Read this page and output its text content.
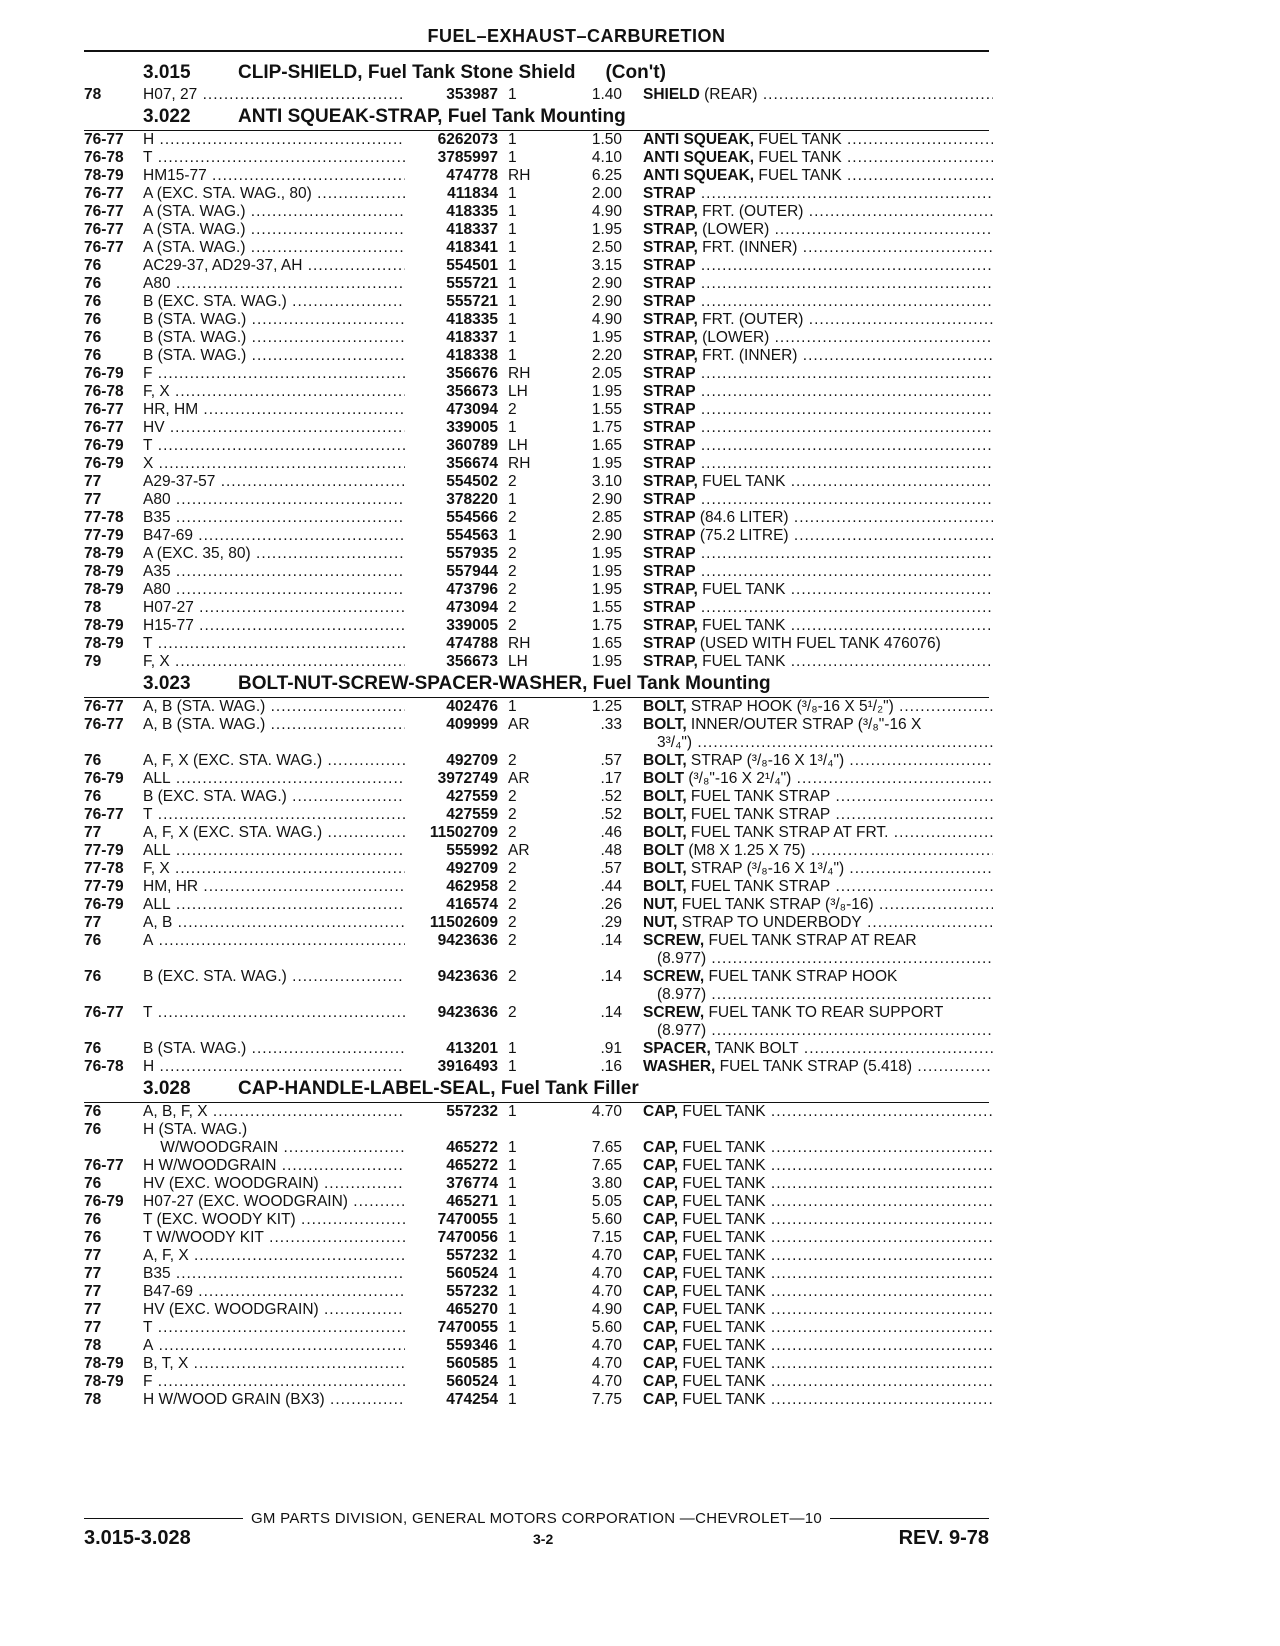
FUEL–EXHAUST–CARBURETION
3.015	CLIP-SHIELD, Fuel Tank Stone Shield (Con't)
78	H07, 27 .....	353987 1	1.40 SHIELD (REAR) .....
3.022	ANTI SQUEAK-STRAP, Fuel Tank Mounting
76-77	H .....	6262073 1	1.50 ANTI SQUEAK, FUEL TANK .....
76-78	T .....	3785997 1	4.10 ANTI SQUEAK, FUEL TANK .....
78-79	HM15-77 .....	474778 RH	6.25 ANTI SQUEAK, FUEL TANK .....
76-77	A (EXC. STA. WAG., 80) .....	411834 1	2.00 STRAP .....
76-77	A (STA. WAG.) .....	418335 1	4.90 STRAP, FRT. (OUTER) .....
76-77	A (STA. WAG.) .....	418337 1	1.95 STRAP, (LOWER) .....
76-77	A (STA. WAG.) .....	418341 1	2.50 STRAP, FRT. (INNER) .....
76	AC29-37, AD29-37, AH .....	554501 1	3.15 STRAP .....
76	A80 .....	555721 1	2.90 STRAP .....
76	B (EXC. STA. WAG.) .....	555721 1	2.90 STRAP .....
76	B (STA. WAG.) .....	418335 1	4.90 STRAP, FRT. (OUTER) .....
76	B (STA. WAG.) .....	418337 1	1.95 STRAP, (LOWER) .....
76	B (STA. WAG.) .....	418338 1	2.20 STRAP, FRT. (INNER) .....
76-79	F .....	356676 RH	2.05 STRAP .....
76-78	F, X .....	356673 LH	1.95 STRAP .....
76-77	HR, HM .....	473094 2	1.55 STRAP .....
76-77	HV .....	339005 1	1.75 STRAP .....
76-79	T .....	360789 LH	1.65 STRAP .....
76-79	X .....	356674 RH	1.95 STRAP .....
77	A29-37-57 .....	554502 2	3.10 STRAP, FUEL TANK .....
77	A80 .....	378220 1	2.90 STRAP .....
77-78	B35 .....	554566 2	2.85 STRAP (84.6 LITER) .....
77-79	B47-69 .....	554563 1	2.90 STRAP (75.2 LITRE) .....
78-79	A (EXC. 35, 80) .....	557935 2	1.95 STRAP .....
78-79	A35 .....	557944 2	1.95 STRAP .....
78-79	A80 .....	473796 2	1.95 STRAP, FUEL TANK .....
78	H07-27 .....	473094 2	1.55 STRAP .....
78-79	H15-77 .....	339005 2	1.75 STRAP, FUEL TANK .....
78-79	T .....	474788 RH	1.65 STRAP (USED WITH FUEL TANK 476076)
79	F, X .....	356673 LH	1.95 STRAP, FUEL TANK .....
3.023	BOLT-NUT-SCREW-SPACER-WASHER, Fuel Tank Mounting
76-77	A, B (STA. WAG.) .....	402476 1	1.25 BOLT, STRAP HOOK (³/₈-16 X 5¹/₂") .....
76-77	A, B (STA. WAG.) .....	409999 AR	.33 BOLT, INNER/OUTER STRAP (³/₈"-16 X
3³/₄") .....
76	A, F, X (EXC. STA. WAG.) .....	492709 2	.57 BOLT, STRAP (³/₈-16 X 1³/₄") .....
76-79	ALL .....	3972749 AR	.17 BOLT (³/₈"-16 X 2¹/₄") .....
76	B (EXC. STA. WAG.) .....	427559 2	.52 BOLT, FUEL TANK STRAP .....
76-77	T .....	427559 2	.52 BOLT, FUEL TANK STRAP .....
77	A, F, X (EXC. STA. WAG.) .....	11502709 2	.46 BOLT, FUEL TANK STRAP AT FRT. .....
77-79	ALL .....	555992 AR	.48 BOLT (M8 X 1.25 X 75) .....
77-78	F, X .....	492709 2	.57 BOLT, STRAP (³/₈-16 X 1³/₄") .....
77-79	HM, HR .....	462958 2	.44 BOLT, FUEL TANK STRAP .....
76-79	ALL .....	416574 2	.26 NUT, FUEL TANK STRAP (³/₈-16) .....
77	A, B .....	11502609 2	.29 NUT, STRAP TO UNDERBODY .....
76	A .....	9423636 2	.14 SCREW, FUEL TANK STRAP AT REAR
(8.977) .....
76	B (EXC. STA. WAG.) .....	9423636 2	.14 SCREW, FUEL TANK STRAP HOOK
(8.977) .....
76-77	T .....	9423636 2	.14 SCREW, FUEL TANK TO REAR SUPPORT
(8.977) .....
76	B (STA. WAG.) .....	413201 1	.91 SPACER, TANK BOLT .....
76-78	H .....	3916493 1	.16 WASHER, FUEL TANK STRAP (5.418) .....
3.028	CAP-HANDLE-LABEL-SEAL, Fuel Tank Filler
76	A, B, F, X .....	557232 1	4.70 CAP, FUEL TANK .....
76	H (STA. WAG.)
W/WOODGRAIN .....	465272 1	7.65 CAP, FUEL TANK .....
76-77	H W/WOODGRAIN .....	465272 1	7.65 CAP, FUEL TANK .....
76	HV (EXC. WOODGRAIN) .....	376774 1	3.80 CAP, FUEL TANK .....
76-79	H07-27 (EXC. WOODGRAIN) .....	465271 1	5.05 CAP, FUEL TANK .....
76	T (EXC. WOODY KIT) .....	7470055 1	5.60 CAP, FUEL TANK .....
76	T W/WOODY KIT .....	7470056 1	7.15 CAP, FUEL TANK .....
77	A, F, X .....	557232 1	4.70 CAP, FUEL TANK .....
77	B35 .....	560524 1	4.70 CAP, FUEL TANK .....
77	B47-69 .....	557232 1	4.70 CAP, FUEL TANK .....
77	HV (EXC. WOODGRAIN) .....	465270 1	4.90 CAP, FUEL TANK .....
77	T .....	7470055 1	5.60 CAP, FUEL TANK .....
78	A .....	559346 1	4.70 CAP, FUEL TANK .....
78-79	B, T, X .....	560585 1	4.70 CAP, FUEL TANK .....
78-79	F .....	560524 1	4.70 CAP, FUEL TANK .....
78	H W/WOOD GRAIN (BX3) .....	474254 1	7.75 CAP, FUEL TANK .....
GM PARTS DIVISION, GENERAL MOTORS CORPORATION —CHEVROLET—10
3.015-3.028	3-2	REV. 9-78
